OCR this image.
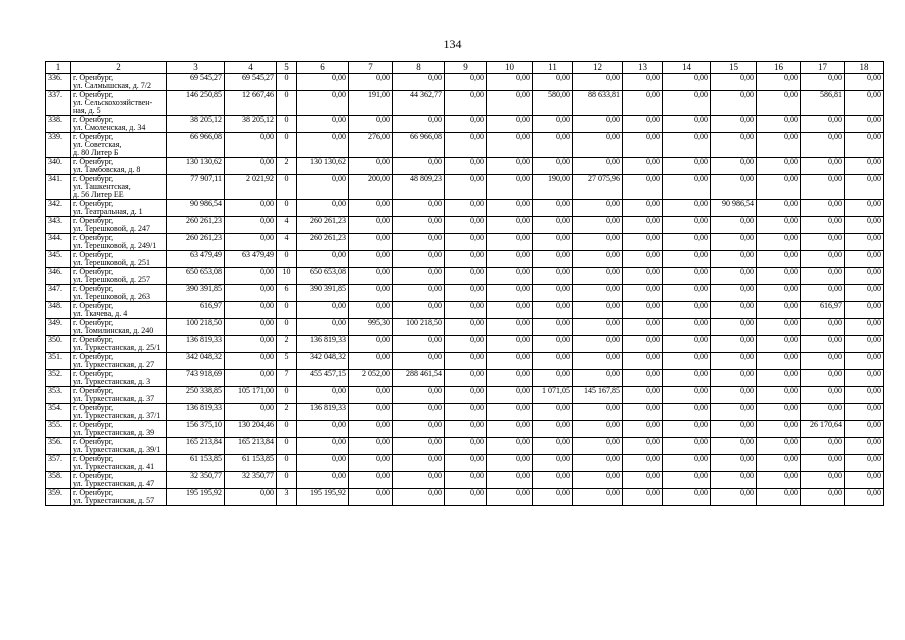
134
1	2	3	4	5	6	7	8	9	10	11	12	13	14	15	16	17	18
336.	г. Оренбург,
ул. Салмышская, д. 7/2	69 545,27	69 545,27	0	0,00	0,00	0,00	0,00	0,00	0,00	0,00	0,00	0,00	0,00	0,00	0,00	0,00
337.	г. Оренбург,
ул. Сельскохозяйствен-
ная, д. 5	146 250,85	12 667,46	0	0,00	191,00	44 362,77	0,00	0,00	580,00	88 633,81	0,00	0,00	0,00	0,00	586,81	0,00
338.	г. Оренбург,
ул. Смоленская, д. 34	38 205,12	38 205,12	0	0,00	0,00	0,00	0,00	0,00	0,00	0,00	0,00	0,00	0,00	0,00	0,00	0,00
339.	г. Оренбург,
ул. Советская,
д. 80 Литер Б	66 966,08	0,00	0	0,00	276,00	66 966,08	0,00	0,00	0,00	0,00	0,00	0,00	0,00	0,00	0,00	0,00
340.	г. Оренбург,
ул. Тамбовская, д. 8	130 130,62	0,00	2	130 130,62	0,00	0,00	0,00	0,00	0,00	0,00	0,00	0,00	0,00	0,00	0,00	0,00
341.	г. Оренбург,
ул. Ташкентская,
д. 56 Литер ЕЕ	77 907,11	2 021,92	0	0,00	200,00	48 809,23	0,00	0,00	190,00	27 075,96	0,00	0,00	0,00	0,00	0,00	0,00
342.	г. Оренбург,
ул. Театральная, д. 1	90 986,54	0,00	0	0,00	0,00	0,00	0,00	0,00	0,00	0,00	0,00	0,00	90 986,54	0,00	0,00	0,00
343.	г. Оренбург,
ул. Терешковой, д. 247	260 261,23	0,00	4	260 261,23	0,00	0,00	0,00	0,00	0,00	0,00	0,00	0,00	0,00	0,00	0,00	0,00
344.	г. Оренбург,
ул. Терешковой, д. 249/1	260 261,23	0,00	4	260 261,23	0,00	0,00	0,00	0,00	0,00	0,00	0,00	0,00	0,00	0,00	0,00	0,00
345.	г. Оренбург,
ул. Терешковой, д. 251	63 479,49	63 479,49	0	0,00	0,00	0,00	0,00	0,00	0,00	0,00	0,00	0,00	0,00	0,00	0,00	0,00
346.	г. Оренбург,
ул. Терешковой, д. 257	650 653,08	0,00	10	650 653,08	0,00	0,00	0,00	0,00	0,00	0,00	0,00	0,00	0,00	0,00	0,00	0,00
347.	г. Оренбург,
ул. Терешковой, д. 263	390 391,85	0,00	6	390 391,85	0,00	0,00	0,00	0,00	0,00	0,00	0,00	0,00	0,00	0,00	0,00	0,00
348.	г. Оренбург,
ул. Ткачева, д. 4	616,97	0,00	0	0,00	0,00	0,00	0,00	0,00	0,00	0,00	0,00	0,00	0,00	0,00	616,97	0,00
349.	г. Оренбург,
ул. Томилинская, д. 240	100 218,50	0,00	0	0,00	995,30	100 218,50	0,00	0,00	0,00	0,00	0,00	0,00	0,00	0,00	0,00	0,00
350.	г. Оренбург,
ул. Туркестанская, д. 25/1	136 819,33	0,00	2	136 819,33	0,00	0,00	0,00	0,00	0,00	0,00	0,00	0,00	0,00	0,00	0,00	0,00
351.	г. Оренбург,
ул. Туркестанская, д. 27	342 048,32	0,00	5	342 048,32	0,00	0,00	0,00	0,00	0,00	0,00	0,00	0,00	0,00	0,00	0,00	0,00
352.	г. Оренбург,
ул. Туркестанская, д. 3	743 918,69	0,00	7	455 457,15	2 052,00	288 461,54	0,00	0,00	0,00	0,00	0,00	0,00	0,00	0,00	0,00	0,00
353.	г. Оренбург,
ул. Туркестанская, д. 37	250 338,85	105 171,00	0	0,00	0,00	0,00	0,00	0,00	1 071,05	145 167,85	0,00	0,00	0,00	0,00	0,00	0,00
354.	г. Оренбург,
ул. Туркестанская, д. 37/1	136 819,33	0,00	2	136 819,33	0,00	0,00	0,00	0,00	0,00	0,00	0,00	0,00	0,00	0,00	0,00	0,00
355.	г. Оренбург,
ул. Туркестанская, д. 39	156 375,10	130 204,46	0	0,00	0,00	0,00	0,00	0,00	0,00	0,00	0,00	0,00	0,00	0,00	26 170,64	0,00
356.	г. Оренбург,
ул. Туркестанская, д. 39/1	165 213,84	165 213,84	0	0,00	0,00	0,00	0,00	0,00	0,00	0,00	0,00	0,00	0,00	0,00	0,00	0,00
357.	г. Оренбург,
ул. Туркестанская, д. 41	61 153,85	61 153,85	0	0,00	0,00	0,00	0,00	0,00	0,00	0,00	0,00	0,00	0,00	0,00	0,00	0,00
358.	г. Оренбург,
ул. Туркестанская, д. 47	32 350,77	32 350,77	0	0,00	0,00	0,00	0,00	0,00	0,00	0,00	0,00	0,00	0,00	0,00	0,00	0,00
359.	г. Оренбург,
ул. Туркестанская, д. 57	195 195,92	0,00	3	195 195,92	0,00	0,00	0,00	0,00	0,00	0,00	0,00	0,00	0,00	0,00	0,00	0,00
